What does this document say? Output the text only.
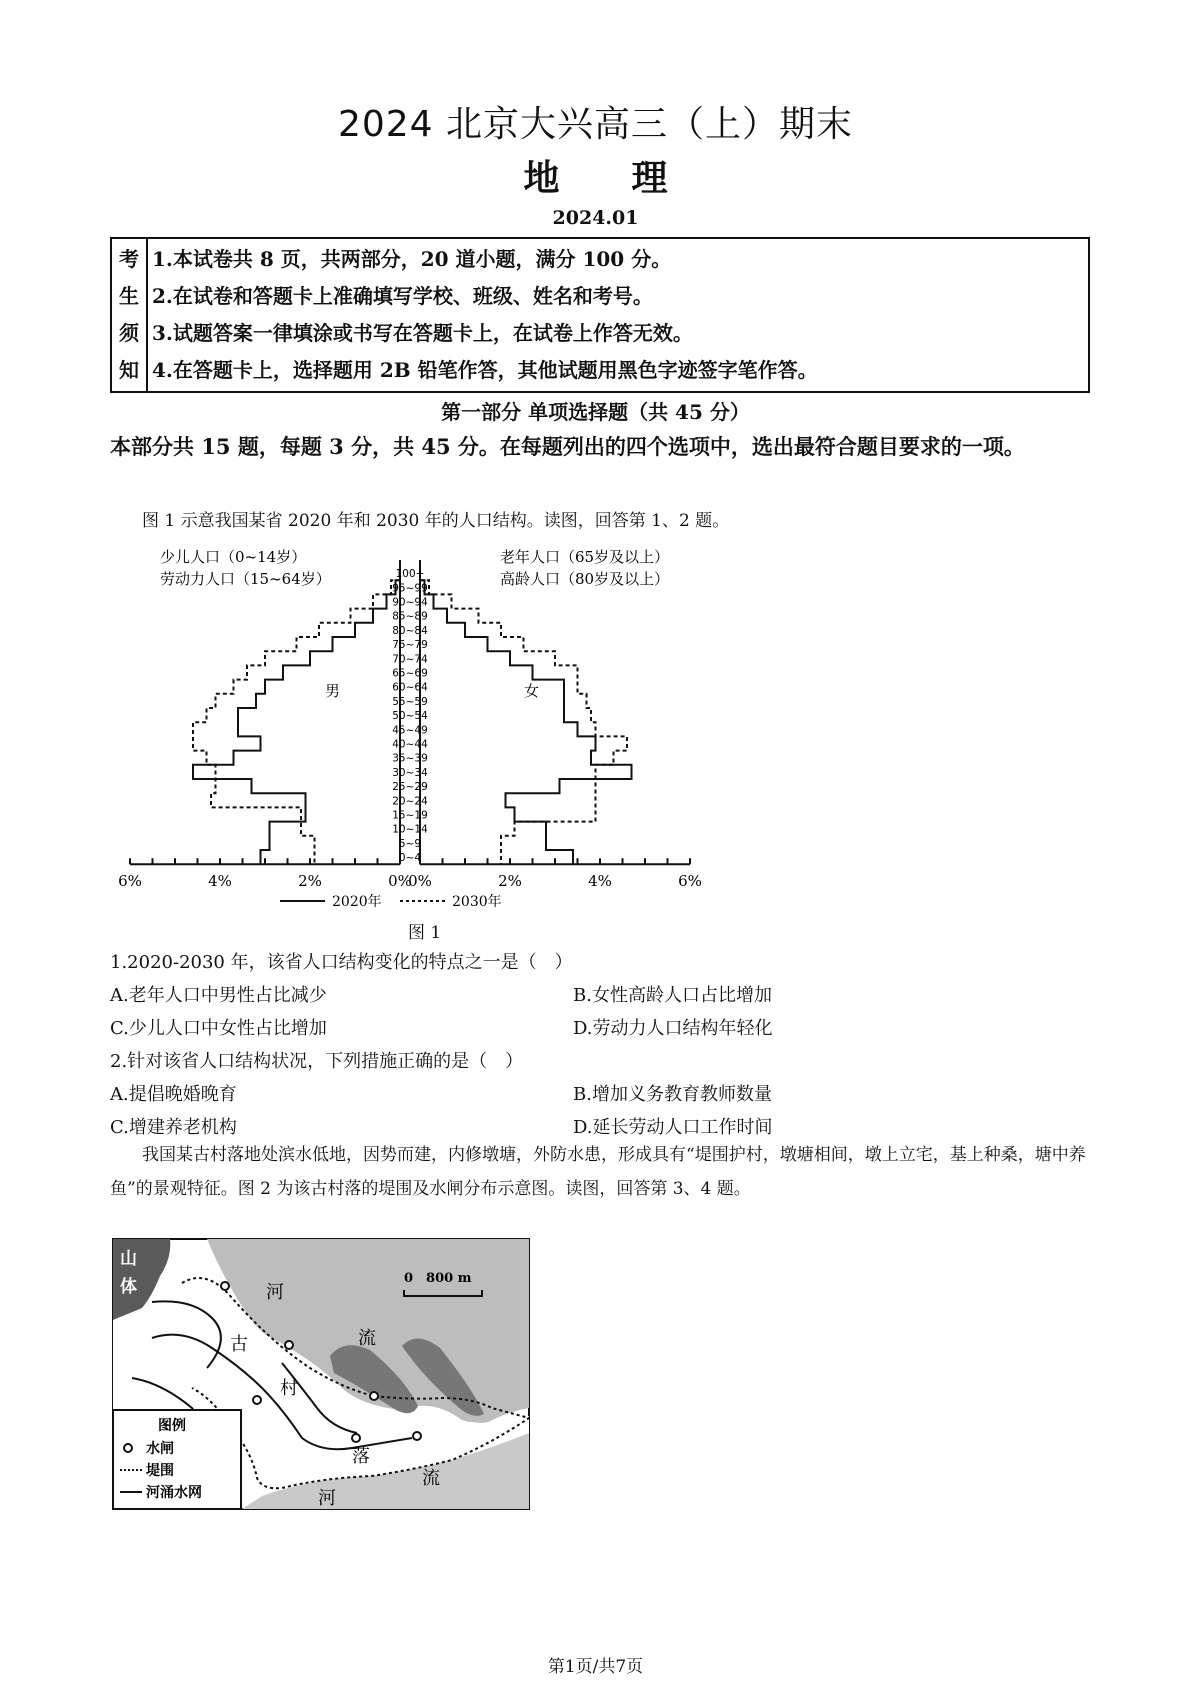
2024 北京大兴高三（上）期末
地　　理
2024.01
考
生
须
知

1.本试卷共 8 页，共两部分，20 道小题，满分 100 分。
2.在试卷和答题卡上准确填写学校、班级、姓名和考号。
3.试题答案一律填涂或书写在答题卡上，在试卷上作答无效。
4.在答题卡上，选择题用 2B 铅笔作答，其他试题用黑色字迹签字笔作答。
第一部分 单项选择题（共 45 分）
本部分共 15 题，每题 3 分，共 45 分。在每题列出的四个选项中，选出最符合题目要求的一项。
图 1 示意我国某省 2020 年和 2030 年的人口结构。读图，回答第 1、2 题。
6%	4%	2%	0%
0%	2%	4%	6%
100+
95~99
90~94
85~89
80~84
75~79
70~74
65~69
60~64
55~59
50~54
45~49
40~44
35~39
30~34
25~29
20~24
15~19
10~14
5~9
0~4
少儿人口（0~14岁）
劳动力人口（15~64岁）
老年人口（65岁及以上）
高龄人口（80岁及以上）
男	女
2020年	2030年
图 1
1.2020-2030 年，该省人口结构变化的特点之一是（　）
A.老年人口中男性占比减少	B.女性高龄人口占比增加
C.少儿人口中女性占比增加	D.劳动力人口结构年轻化
2.针对该省人口结构状况，下列措施正确的是（　）
A.提倡晚婚晚育	B.增加义务教育教师数量
C.增建养老机构	D.延长劳动人口工作时间
我国某古村落地处滨水低地，因势而建，内修墩塘，外防水患，形成具有“堤围护村，墩塘相间，墩上立宅，基上种桑，塘中养鱼”的景观特征。图 2 为该古村落的堤围及水闸分布示意图。读图，回答第 3、4 题。
山
体	0　800 m
河
流
古
村
落
河
流
图例
水闸
堤围
河涌水网
第1页/共7页
